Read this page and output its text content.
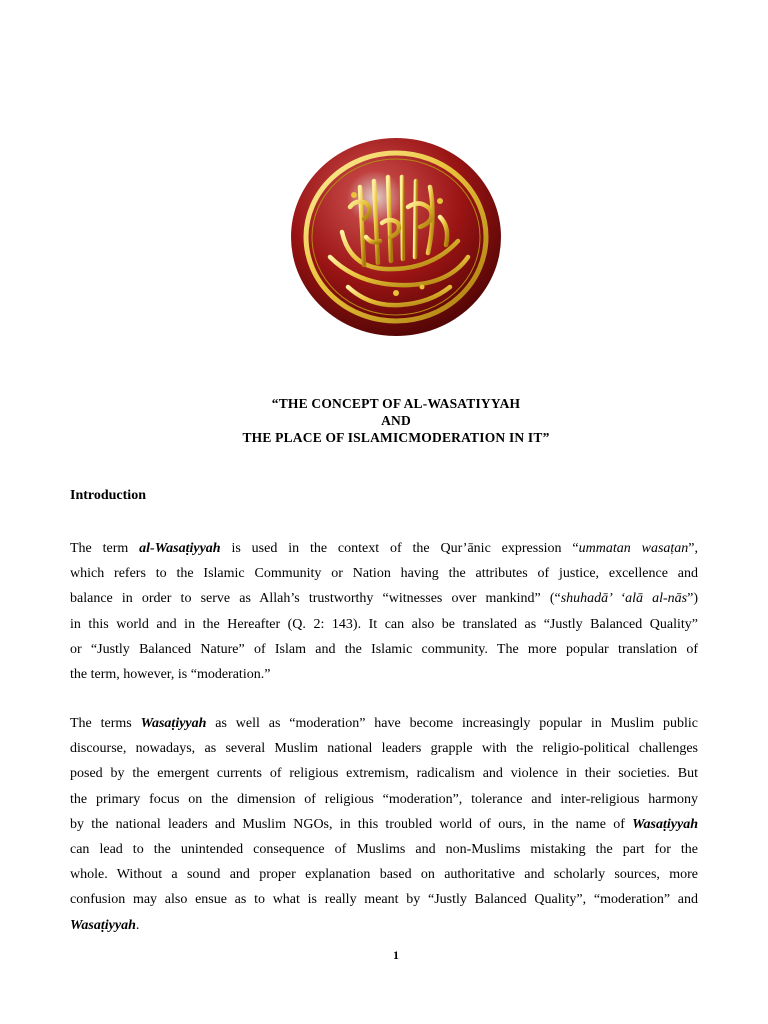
“THE CONCEPT OF AL-WASATIYYAH
AND
THE PLACE OF ISLAMICMODERATION IN IT”
Introduction
The term al-Wasaṭiyyah is used in the context of the Qur’ānic expression “ummatan wasaṭan”,
which refers to the Islamic Community or Nation having the attributes of justice, excellence and
balance in order to serve as Allah’s trustworthy “witnesses over mankind” (“shuhadā’ ‘alā al-nās”)
in this world and in the Hereafter (Q. 2: 143). It can also be translated as “Justly Balanced Quality”
or “Justly Balanced Nature” of Islam and the Islamic community. The more popular translation of
the term, however, is “moderation.”
The terms Wasaṭiyyah as well as “moderation” have become increasingly popular in Muslim public
discourse, nowadays, as several Muslim national leaders grapple with the religio-political challenges
posed by the emergent currents of religious extremism, radicalism and violence in their societies. But
the primary focus on the dimension of religious “moderation”, tolerance and inter-religious harmony
by the national leaders and Muslim NGOs, in this troubled world of ours, in the name of Wasaṭiyyah
can lead to the unintended consequence of Muslims and non-Muslims mistaking the part for the
whole. Without a sound and proper explanation based on authoritative and scholarly sources, more
confusion may also ensue as to what is really meant by “Justly Balanced Quality”, “moderation” and
Wasaṭiyyah.
1
